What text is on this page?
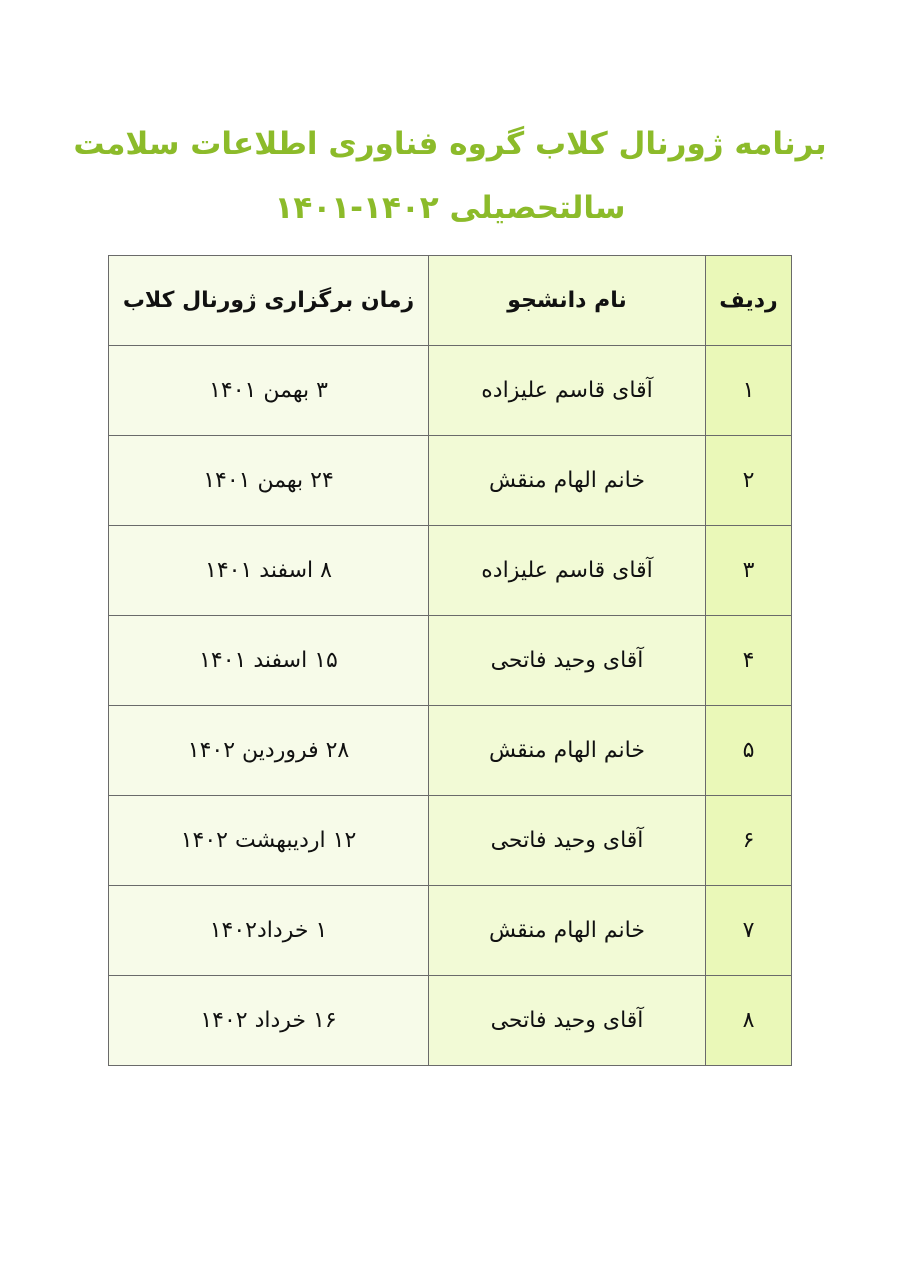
برنامه ژورنال کلاب گروه فناوری اطلاعات سلامت
سالتحصیلی ۱۴۰۲-۱۴۰۱
ردیف	نام دانشجو	زمان برگزاری ژورنال کلاب
۱	آقای قاسم علیزاده	۳ بهمن ۱۴۰۱
۲	خانم الهام منقش	۲۴ بهمن ۱۴۰۱
۳	آقای قاسم علیزاده	۸ اسفند ۱۴۰۱
۴	آقای وحید فاتحی	۱۵ اسفند ۱۴۰۱
۵	خانم الهام منقش	۲۸ فروردین ۱۴۰۲
۶	آقای وحید فاتحی	۱۲ اردیبهشت ۱۴۰۲
۷	خانم الهام منقش	۱ خرداد۱۴۰۲
۸	آقای وحید فاتحی	۱۶ خرداد ۱۴۰۲
